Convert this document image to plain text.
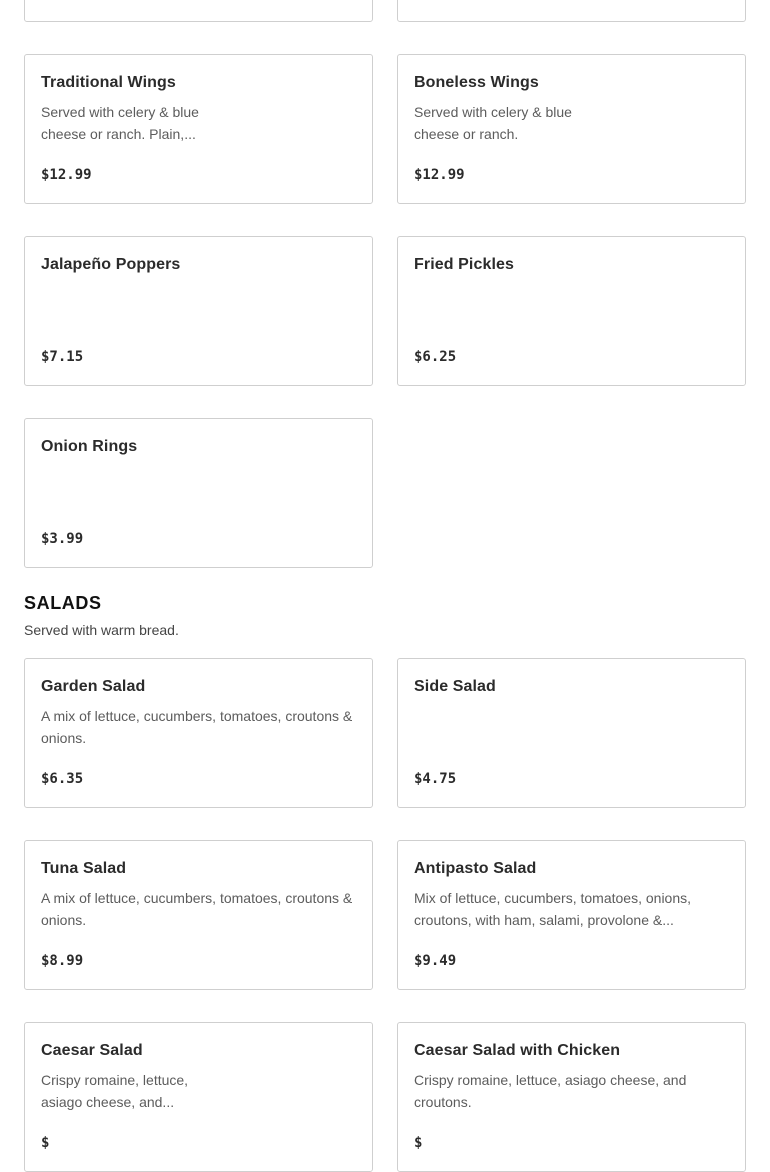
Traditional Wings
Served with celery & blue cheese or ranch. Plain,...
$12.99
Boneless Wings
Served with celery & blue cheese or ranch.
$12.99
Jalapeño Poppers
$7.15
Fried Pickles
$6.25
Onion Rings
$3.99
SALADS
Served with warm bread.
Garden Salad
A mix of lettuce, cucumbers, tomatoes, croutons & onions.
$6.35
Side Salad
$4.75
Tuna Salad
A mix of lettuce, cucumbers, tomatoes, croutons & onions.
$8.99
Antipasto Salad
Mix of lettuce, cucumbers, tomatoes, onions, croutons, with ham, salami, provolone &...
$9.49
Caesar Salad
Crispy romaine, lettuce, asiago cheese, and...
$
Caesar Salad with Chicken
Crispy romaine, lettuce, asiago cheese, and croutons.
$
